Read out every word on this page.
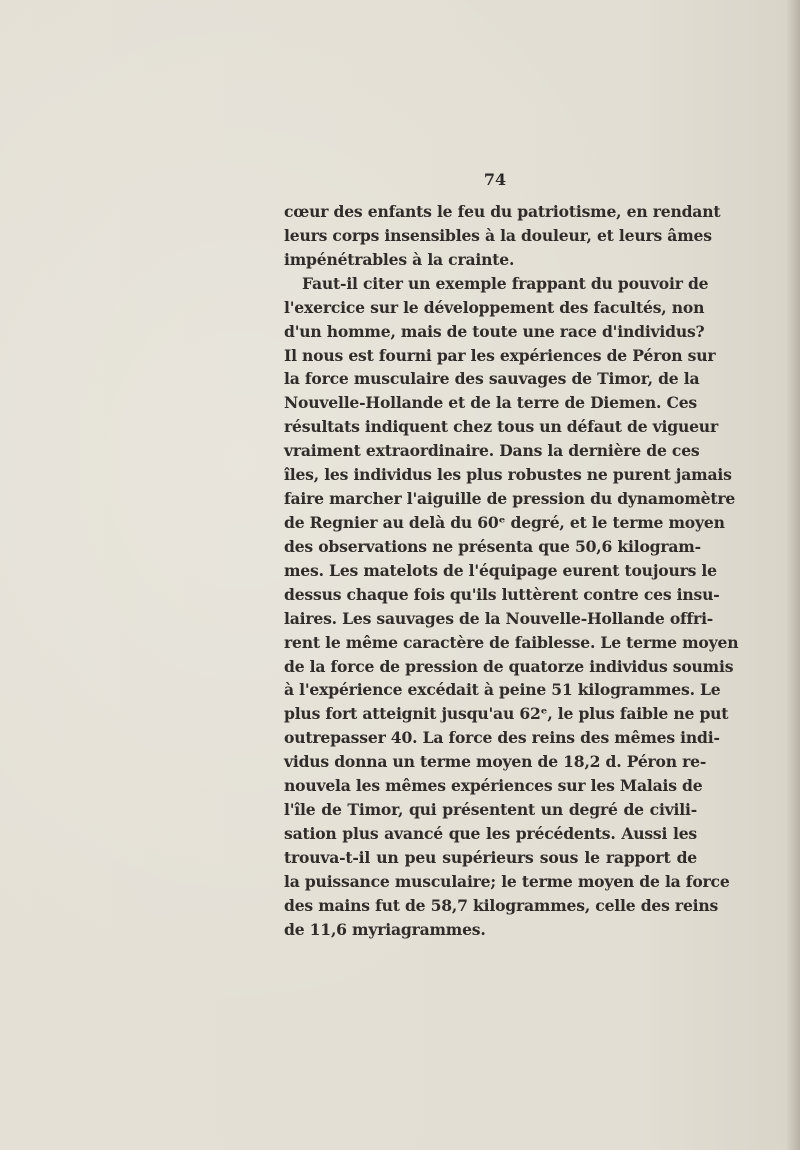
74
cœur des enfants le feu du patriotisme, en rendant
leurs corps insensibles à la douleur, et leurs âmes
impénétrables à la crainte.
Faut-il citer un exemple frappant du pouvoir de
l'exercice sur le développement des facultés, non
d'un homme, mais de toute une race d'individus?
Il nous est fourni par les expériences de Péron sur
la force musculaire des sauvages de Timor, de la
Nouvelle-Hollande et de la terre de Diemen. Ces
résultats indiquent chez tous un défaut de vigueur
vraiment extraordinaire. Dans la dernière de ces
îles, les individus les plus robustes ne purent jamais
faire marcher l'aiguille de pression du dynamomètre
de Regnier au delà du 60ᵉ degré, et le terme moyen
des observations ne présenta que 50,6 kilogram-
mes. Les matelots de l'équipage eurent toujours le
dessus chaque fois qu'ils luttèrent contre ces insu-
laires. Les sauvages de la Nouvelle-Hollande offri-
rent le même caractère de faiblesse. Le terme moyen
de la force de pression de quatorze individus soumis
à l'expérience excédait à peine 51 kilogrammes. Le
plus fort atteignit jusqu'au 62ᵉ, le plus faible ne put
outrepasser 40. La force des reins des mêmes indi-
vidus donna un terme moyen de 18,2 d. Péron re-
nouvela les mêmes expériences sur les Malais de
l'île de Timor, qui présentent un degré de civili-
sation plus avancé que les précédents. Aussi les
trouva-t-il un peu supérieurs sous le rapport de
la puissance musculaire; le terme moyen de la force
des mains fut de 58,7 kilogrammes, celle des reins
de 11,6 myriagrammes.
